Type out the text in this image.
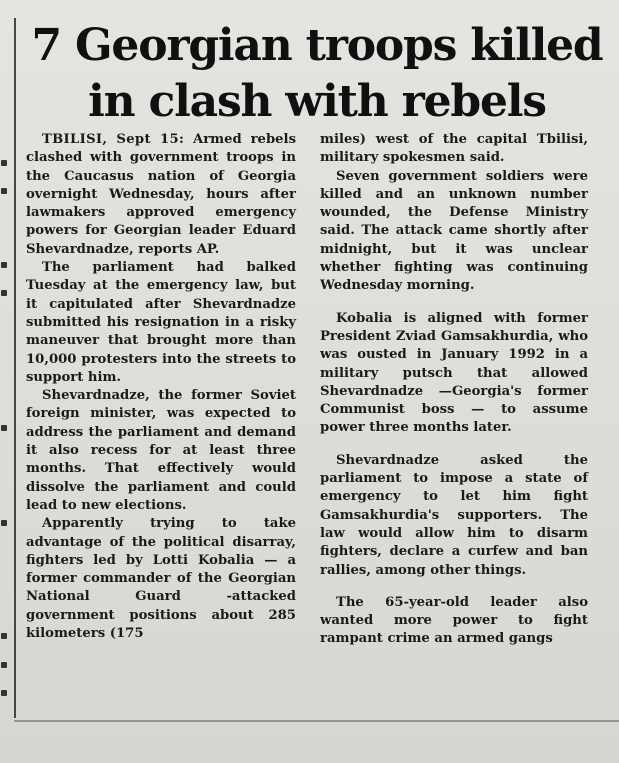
7 Georgian troops killed
in clash with rebels

TBILISI, Sept 15: Armed rebels clashed with government troops in the Caucasus nation of Georgia overnight Wednesday, hours after lawmakers approved emergency powers for Georgian leader Eduard Shevardnadze, reports AP.

The parliament had balked Tuesday at the emergency law, but it capitulated after Shevardnadze submitted his resignation in a risky maneuver that brought more than 10,000 protesters into the streets to support him.

Shevardnadze, the former Soviet foreign minister, was expected to address the parliament and demand it also recess for at least three months. That effectively would dissolve the parliament and could lead to new elections.

Apparently trying to take advantage of the political disarray, fighters led by Lotti Kobalia — a former commander of the Georgian National Guard -attacked government positions about 285 kilometers (175

miles) west of the capital Tbilisi, military spokesmen said.

Seven government soldiers were killed and an unknown number wounded, the Defense Ministry said. The attack came shortly after midnight, but it was unclear whether fighting was continuing Wednesday morning.

Kobalia is aligned with former President Zviad Gamsakhurdia, who was ousted in January 1992 in a military putsch that allowed Shevardnadze —Georgia's former Communist boss — to assume power three months later.

Shevardnadze asked the parliament to impose a state of emergency to let him fight Gamsakhurdia's supporters. The law would allow him to disarm fighters, declare a curfew and ban rallies, among other things.

The 65-year-old leader also wanted more power to fight rampant crime an armed gangs
